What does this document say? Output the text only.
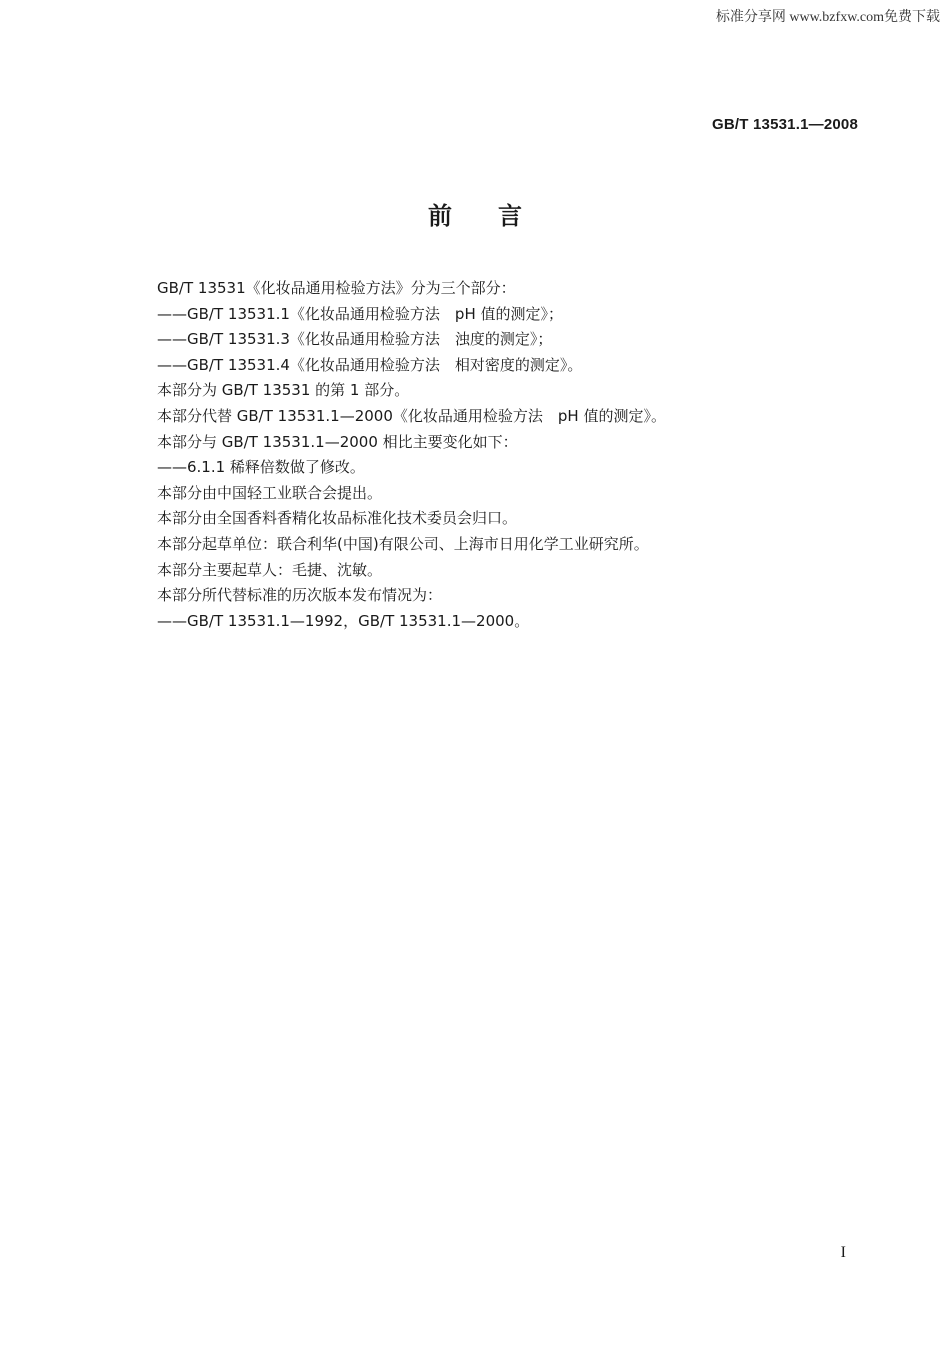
标准分享网 www.bzfxw.com免费下载
GB/T 13531.1—2008
前言
GB/T 13531《化妆品通用检验方法》分为三个部分：
——GB/T 13531.1《化妆品通用检验方法　pH 值的测定》；
——GB/T 13531.3《化妆品通用检验方法　浊度的测定》；
——GB/T 13531.4《化妆品通用检验方法　相对密度的测定》。
本部分为 GB/T 13531 的第 1 部分。
本部分代替 GB/T 13531.1—2000《化妆品通用检验方法　pH 值的测定》。
本部分与 GB/T 13531.1—2000 相比主要变化如下：
——6.1.1 稀释倍数做了修改。
本部分由中国轻工业联合会提出。
本部分由全国香料香精化妆品标准化技术委员会归口。
本部分起草单位：联合利华(中国)有限公司、上海市日用化学工业研究所。
本部分主要起草人：毛捷、沈敏。
本部分所代替标准的历次版本发布情况为：
——GB/T 13531.1—1992，GB/T 13531.1—2000。
I
